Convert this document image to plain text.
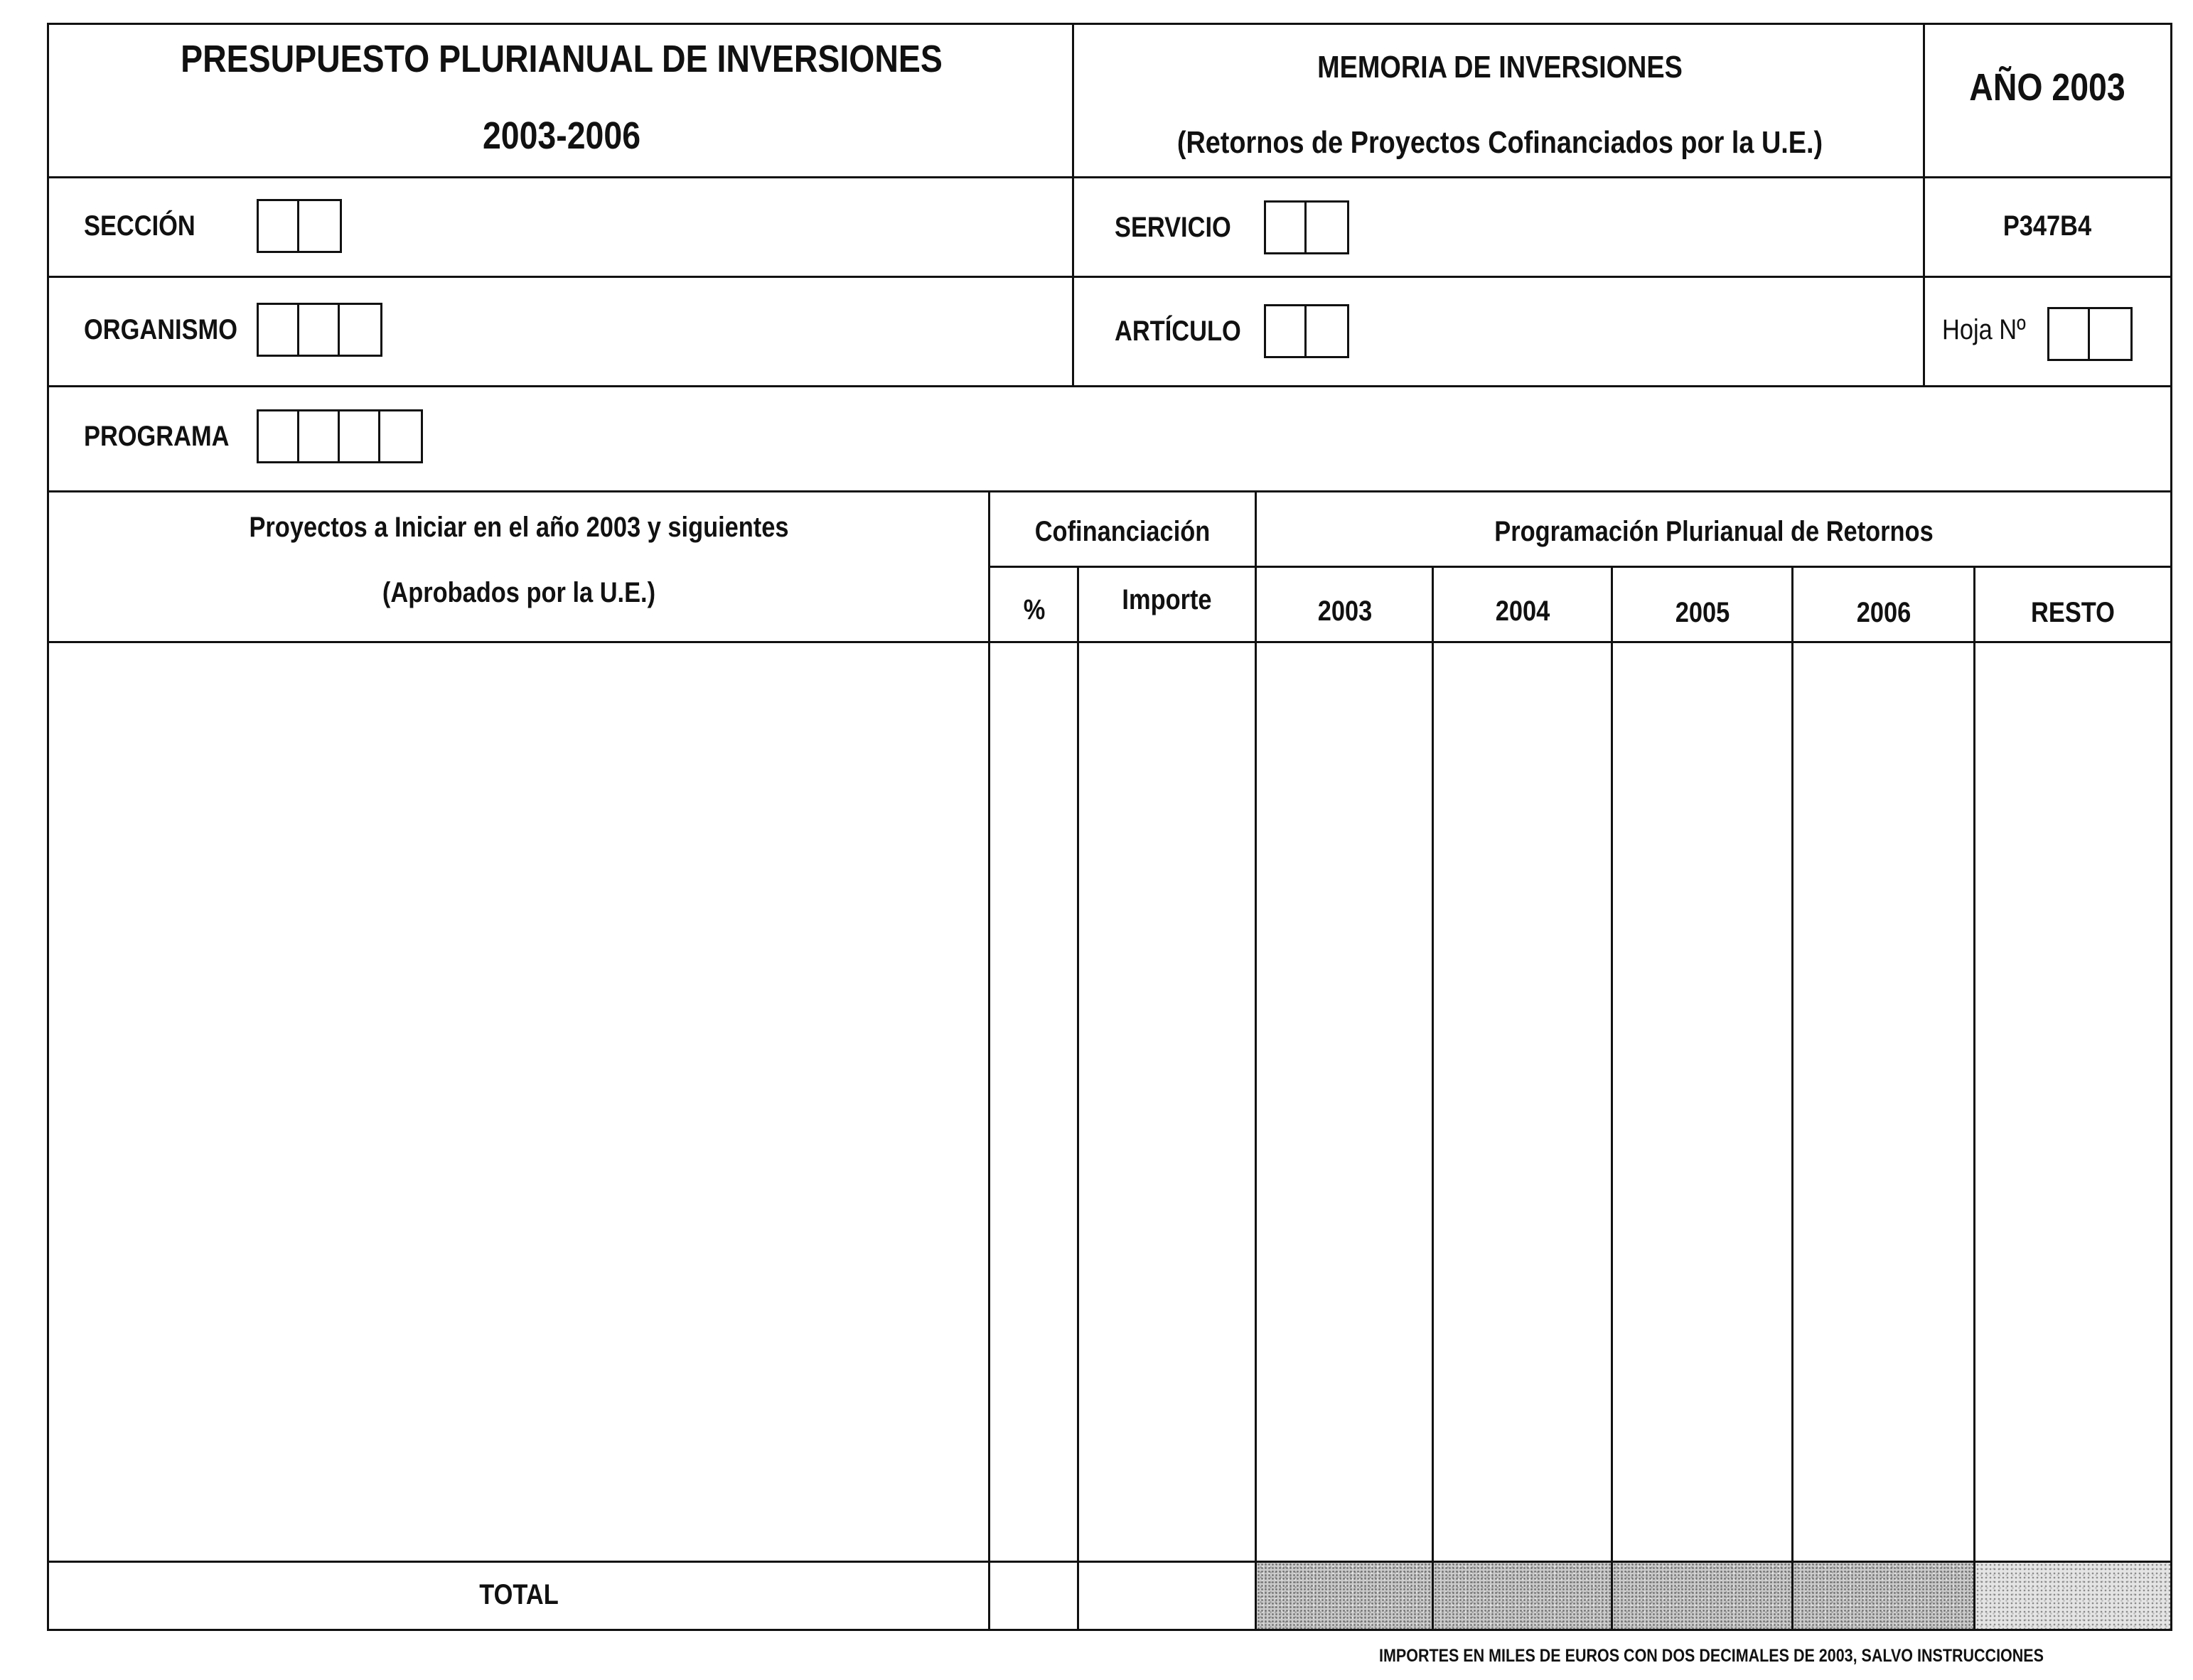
PRESUPUESTO PLURIANUAL DE INVERSIONES
2003-2006
MEMORIA DE INVERSIONES
(Retornos de Proyectos Cofinanciados por la U.E.)
AÑO 2003
SECCIÓN	SERVICIO	P347B4
ORGANISMO	ARTÍCULO	Hoja Nº
PROGRAMA
Proyectos a Iniciar en el año 2003 y siguientes
(Aprobados por la U.E.)
Cofinanciación
%	Importe
Programación Plurianual de Retornos
2003	2004	2005	2006	RESTO
TOTAL
IMPORTES EN MILES DE EUROS CON DOS DECIMALES DE 2003, SALVO INSTRUCCIONES
